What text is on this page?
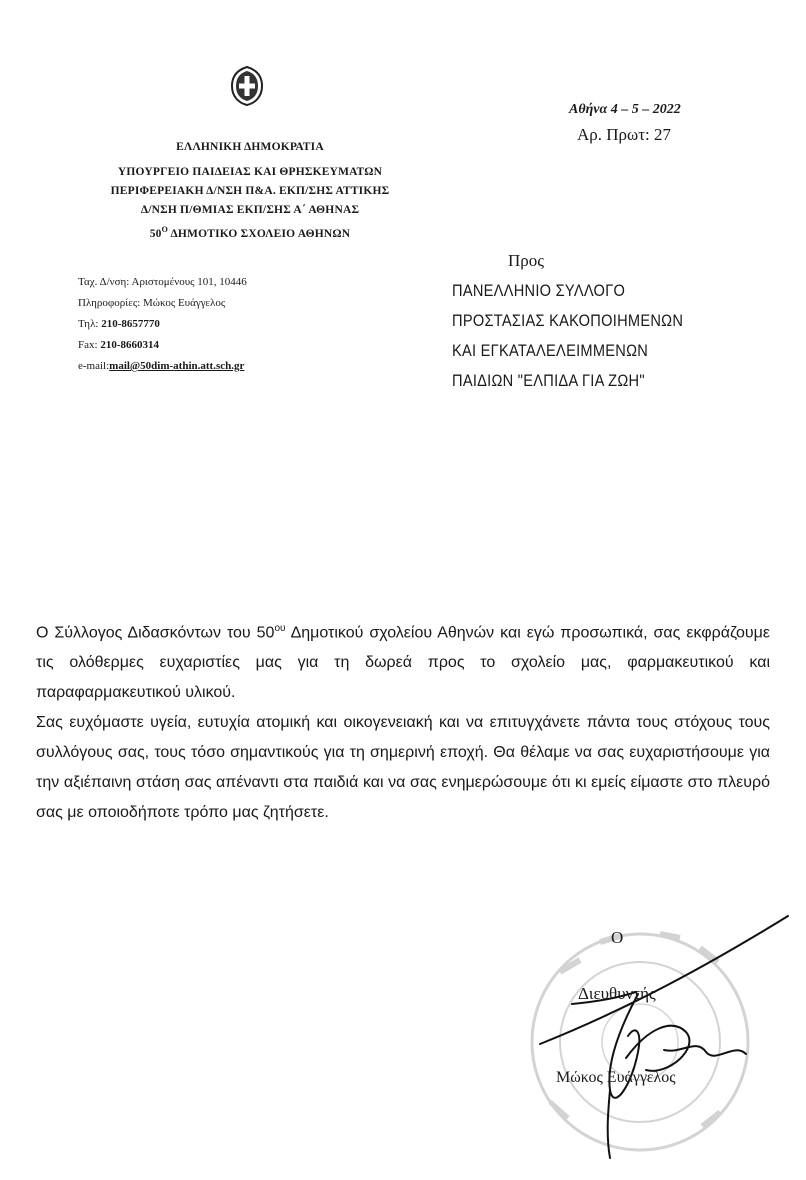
ΕΛΛΗΝΙΚΗ ΔΗΜΟΚΡΑΤΙΑ
ΥΠΟΥΡΓΕΙΟ ΠΑΙΔΕΙΑΣ ΚΑΙ ΘΡΗΣΚΕΥΜΑΤΩΝ
ΠΕΡΙΦΕΡΕΙΑΚΗ Δ/ΝΣΗ Π&Α. ΕΚΠ/ΣΗΣ ΑΤΤΙΚΗΣ
Δ/ΝΣΗ Π/ΘΜΙΑΣ ΕΚΠ/ΣΗΣ Α΄ ΑΘΗΝΑΣ
$50^O$ ΔΗΜΟΤΙΚΟ ΣΧΟΛΕΙΟ ΑΘΗΝΩΝ
Ταχ. Δ/νση: Αριστομένους 101, 10446
Πληροφορίες: Μώκος Ευάγγελος
Τηλ: 210-8657770
Fax: 210-8660314
e-mail:mail@50dim-athin.att.sch.gr
Αθήνα 4 – 5 – 2022
Αρ. Πρωτ: 27
Προς
ΠΑΝΕΛΛΗΝΙΟ ΣΥΛΛΟΓΟ
ΠΡΟΣΤΑΣΙΑΣ ΚΑΚΟΠΟΙΗΜΕΝΩΝ
ΚΑΙ ΕΓΚΑΤΑΛΕΛΕΙΜΜΕΝΩΝ
ΠΑΙΔΙΩΝ "ΕΛΠΙΔΑ ΓΙΑ ΖΩΗ"

Ο Σύλλογος Διδασκόντων του $50^{o\upsilon}$ Δημοτικού σχολείου Αθηνών και εγώ προσωπικά, σας εκφράζουμε τις ολόθερμες ευχαριστίες μας για τη δωρεά προς το σχολείο μας, φαρμακευτικού και παραφαρμακευτικού υλικού.

Σας ευχόμαστε υγεία, ευτυχία ατομική και οικογενειακή και να επιτυγχάνετε πάντα τους στόχους τους συλλόγους σας, τους τόσο σημαντικούς για τη σημερινή εποχή. Θα θέλαμε να σας ευχαριστήσουμε για την αξιέπαινη στάση σας απέναντι στα παιδιά και να σας ενημερώσουμε ότι κι εμείς είμαστε στο πλευρό σας με οποιοδήποτε τρόπο μας ζητήσετε.

Ο
Διευθυντής
Μώκος Ευάγγελος
